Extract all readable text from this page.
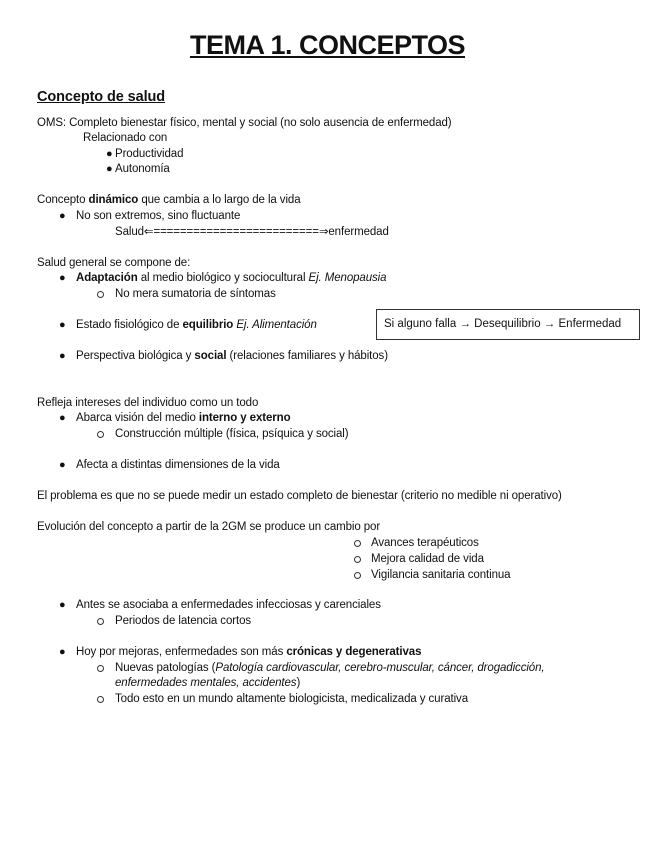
TEMA 1. CONCEPTOS
Concepto de salud
OMS: Completo bienestar físico, mental y social (no solo ausencia de enfermedad)
Relacionado con
● Productividad
● Autonomía
Concepto dinámico que cambia a lo largo de la vida
● No son extremos, sino fluctuante
Salud⇐=========================⇒enfermedad
Salud general se compone de:
● Adaptación al medio biológico y sociocultural Ej. Menopausia
No mera sumatoria de síntomas
● Estado fisiológico de equilibrio Ej. Alimentación	Si alguno falla → Desequilibrio → Enfermedad
● Perspectiva biológica y social (relaciones familiares y hábitos)
Refleja intereses del individuo como un todo
● Abarca visión del medio interno y externo
Construcción múltiple (física, psíquica y social)
● Afecta a distintas dimensiones de la vida
El problema es que no se puede medir un estado completo de bienestar (criterio no medible ni operativo)
Evolución del concepto a partir de la 2GM se produce un cambio por
Avances terapéuticos
Mejora calidad de vida
Vigilancia sanitaria continua
● Antes se asociaba a enfermedades infecciosas y carenciales
Periodos de latencia cortos
● Hoy por mejoras, enfermedades son más crónicas y degenerativas
Nuevas patologías (Patología cardiovascular, cerebro-muscular, cáncer, drogadicción,
enfermedades mentales, accidentes)
Todo esto en un mundo altamente biologicista, medicalizada y curativa
